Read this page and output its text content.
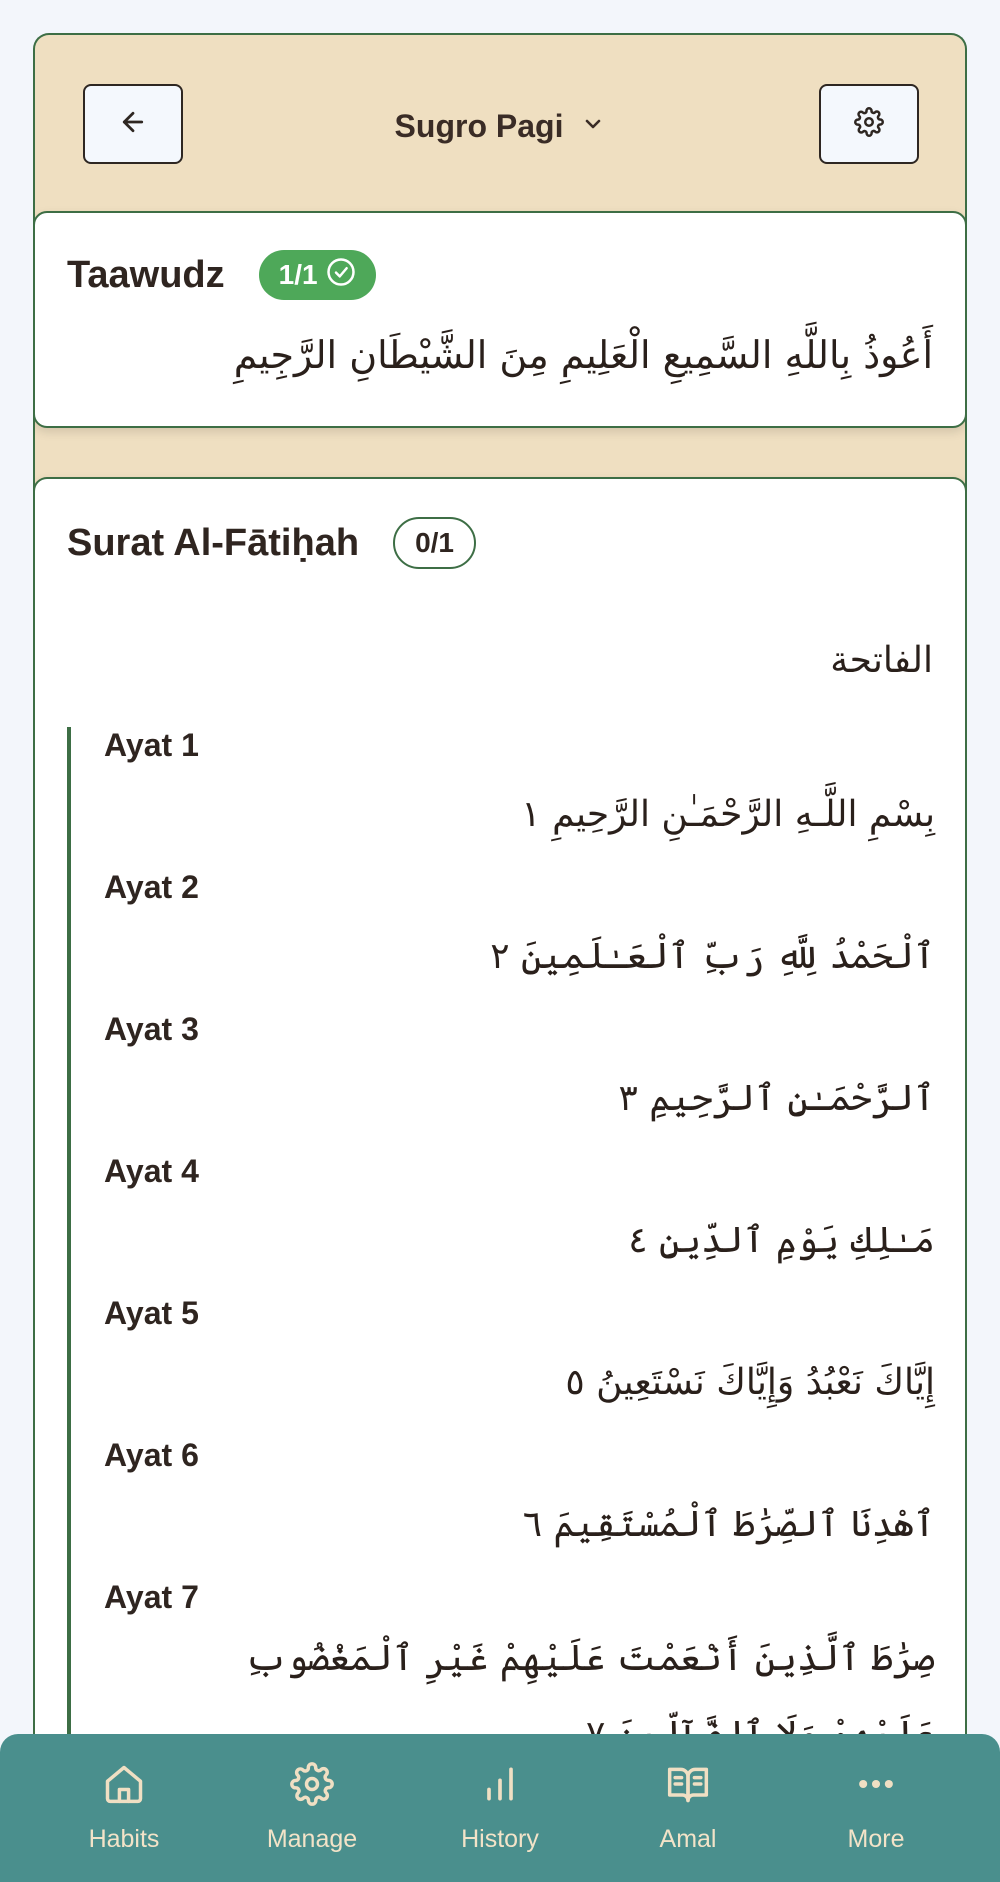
Sugro Pagi
Taawudz 1/1
أَعُوذُ بِاللَّهِ السَّمِيعِ الْعَلِيمِ مِنَ الشَّيْطَانِ الرَّجِيمِ
Surat Al-Fātiḥah	0/1
الفاتحة
Ayat 1
بِسْمِ اللَّـهِ الرَّحْمَـٰنِ الرَّحِيمِ ١
Ayat 2
ٱلْحَمْدُ لِلَّهِ رَبِّ ٱلْعَـٰلَمِينَ ٢
Ayat 3
ٱلرَّحْمَـٰنِ ٱلرَّحِيمِ ٣
Ayat 4
مَـٰلِكِ يَوْمِ ٱلدِّينِ ٤
Ayat 5
إِيَّاكَ نَعْبُدُ وَإِيَّاكَ نَسْتَعِينُ ٥
Ayat 6
ٱهْدِنَا ٱلصِّرَٰطَ ٱلْمُسْتَقِيمَ ٦
Ayat 7
صِرَٰطَ ٱلَّذِينَ أَنْعَمْتَ عَلَيْهِمْ غَيْرِ ٱلْمَغْضُوبِ
Habits	Manage	History	Amal	More
